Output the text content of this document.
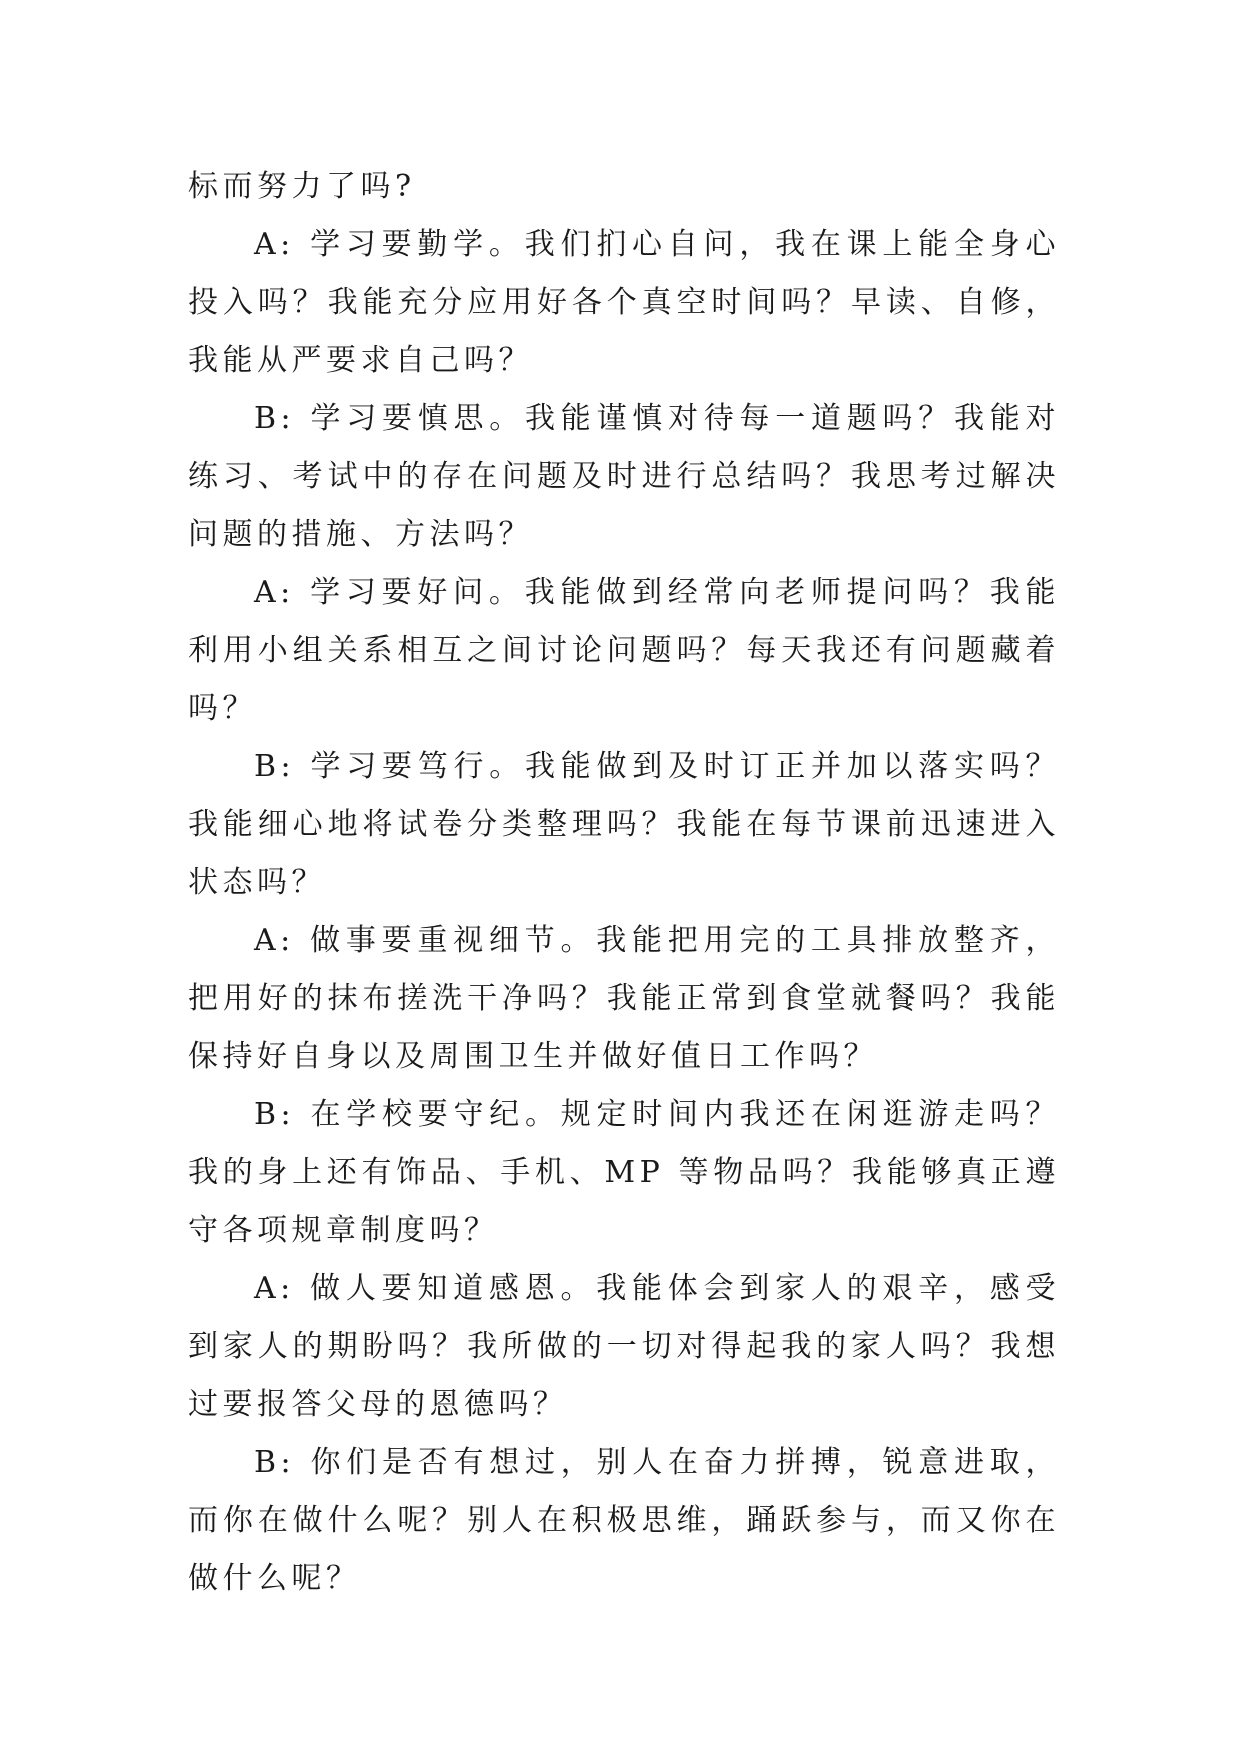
标而努力了吗?

A: 学习要勤学。我们扪心自问，我在课上能全身心投入吗？我能充分应用好各个真空时间吗？早读、自修，我能从严要求自己吗？

B: 学习要慎思。我能谨慎对待每一道题吗？我能对练习、考试中的存在问题及时进行总结吗？我思考过解决问题的措施、方法吗？

A: 学习要好问。我能做到经常向老师提问吗？我能利用小组关系相互之间讨论问题吗？每天我还有问题藏着吗？

B: 学习要笃行。我能做到及时订正并加以落实吗？我能细心地将试卷分类整理吗？我能在每节课前迅速进入状态吗？

A: 做事要重视细节。我能把用完的工具排放整齐，把用好的抹布搓洗干净吗？我能正常到食堂就餐吗？我能保持好自身以及周围卫生并做好值日工作吗？

B: 在学校要守纪。规定时间内我还在闲逛游走吗？我的身上还有饰品、手机、MP 等物品吗？我能够真正遵守各项规章制度吗？

A: 做人要知道感恩。我能体会到家人的艰辛，感受到家人的期盼吗？我所做的一切对得起我的家人吗？我想过要报答父母的恩德吗？

B: 你们是否有想过，别人在奋力拼搏，锐意进取，而你在做什么呢？别人在积极思维，踊跃参与，而又你在做什么呢？
